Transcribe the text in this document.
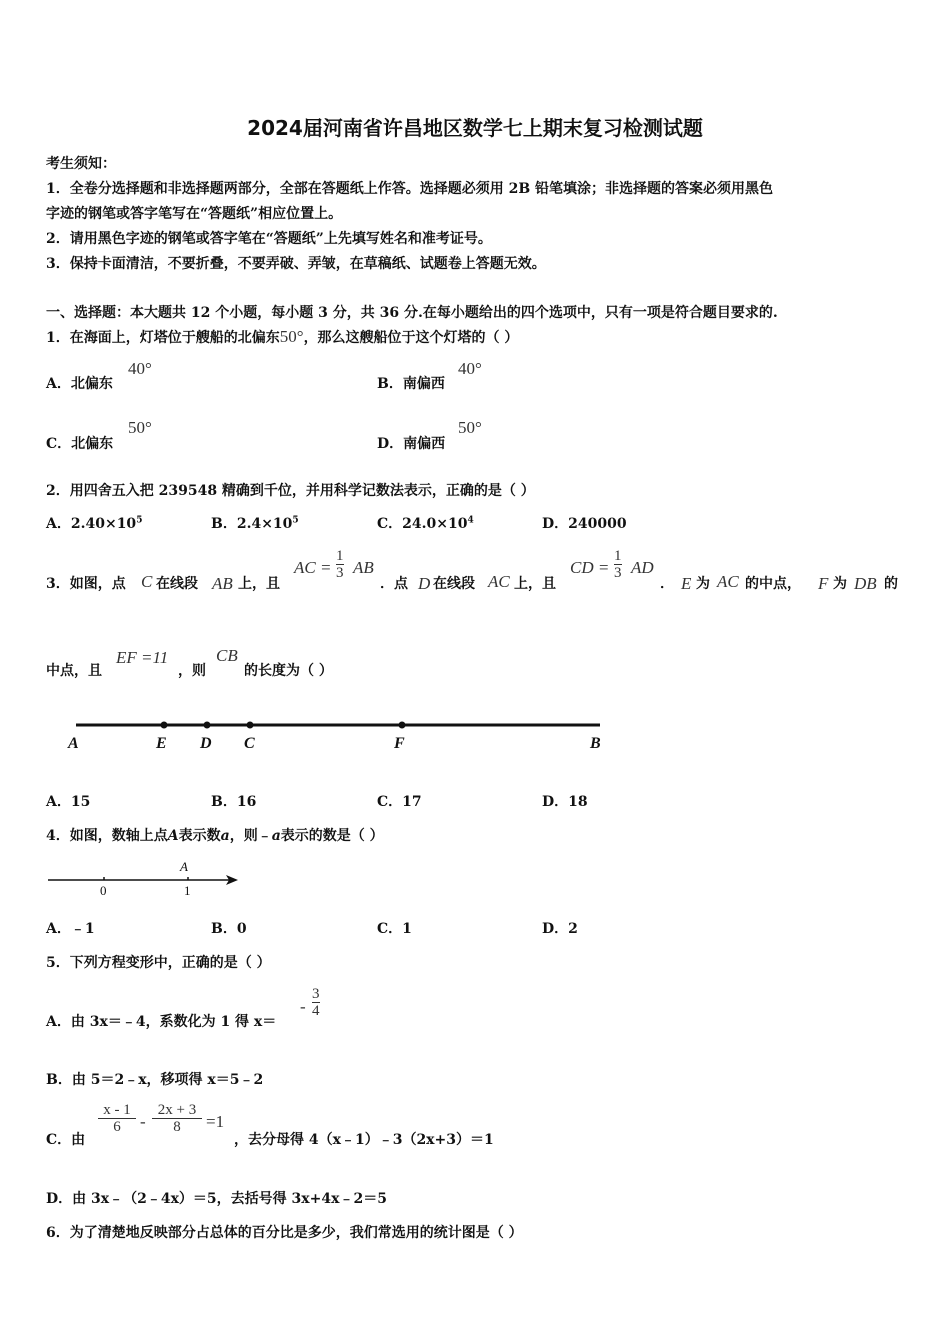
2024届河南省许昌地区数学七上期末复习检测试题
考生须知：
1．全卷分选择题和非选择题两部分，全部在答题纸上作答。选择题必须用 2B 铅笔填涂；非选择题的答案必须用黑色
字迹的钢笔或答字笔写在“答题纸”相应位置上。
2．请用黑色字迹的钢笔或答字笔在“答题纸”上先填写姓名和准考证号。
3．保持卡面清洁，不要折叠，不要弄破、弄皱，在草稿纸、试题卷上答题无效。
一、选择题：本大题共 12 个小题，每小题 3 分，共 36 分.在每小题给出的四个选项中，只有一项是符合题目要求的.
1．在海面上，灯塔位于艘船的北偏东50°，那么这艘船位于这个灯塔的（ ）
A．北偏东
40°
B．南偏西
40°
C．北偏东
50°
D．南偏西
50°
2．用四舍五入把 239548 精确到千位，并用科学记数法表示，正确的是（ ）
A．$2.40\times 10^5$	B．$2.4\times 10^5$	C．$24.0\times 10^4$	D．240000
3．如图，点 C 在线段 AB 上，且
AC = $\frac{1}{3}$ AB
．点 D 在线段 AC 上，且
CD = $\frac{1}{3}$ AD
． E 为 AC 的中点， F 为 DB 的
中点，且
EF =11
，则
CB
的长度为（ ）
A	E D C	F	B
A．15	B．16	C．17	D．18
4．如图，数轴上点A表示数a，则﹣a表示的数是（ ）
A
0	1
A．﹣1	B．0	C．1	D．2
5．下列方程变形中，正确的是（ ）
A．由 3x＝﹣4，系数化为 1 得 x＝
- $\frac{3}{4}$
B．由 5＝2﹣x，移项得 x＝5﹣2
C．由
$\frac{x - 1}{6} - \frac{2x + 3}{8} =1$
，去分母得 4（x﹣1）﹣3（2x+3）＝1
D．由 3x﹣（2﹣4x）＝5，去括号得 3x+4x﹣2＝5
6．为了清楚地反映部分占总体的百分比是多少，我们常选用的统计图是（ ）
